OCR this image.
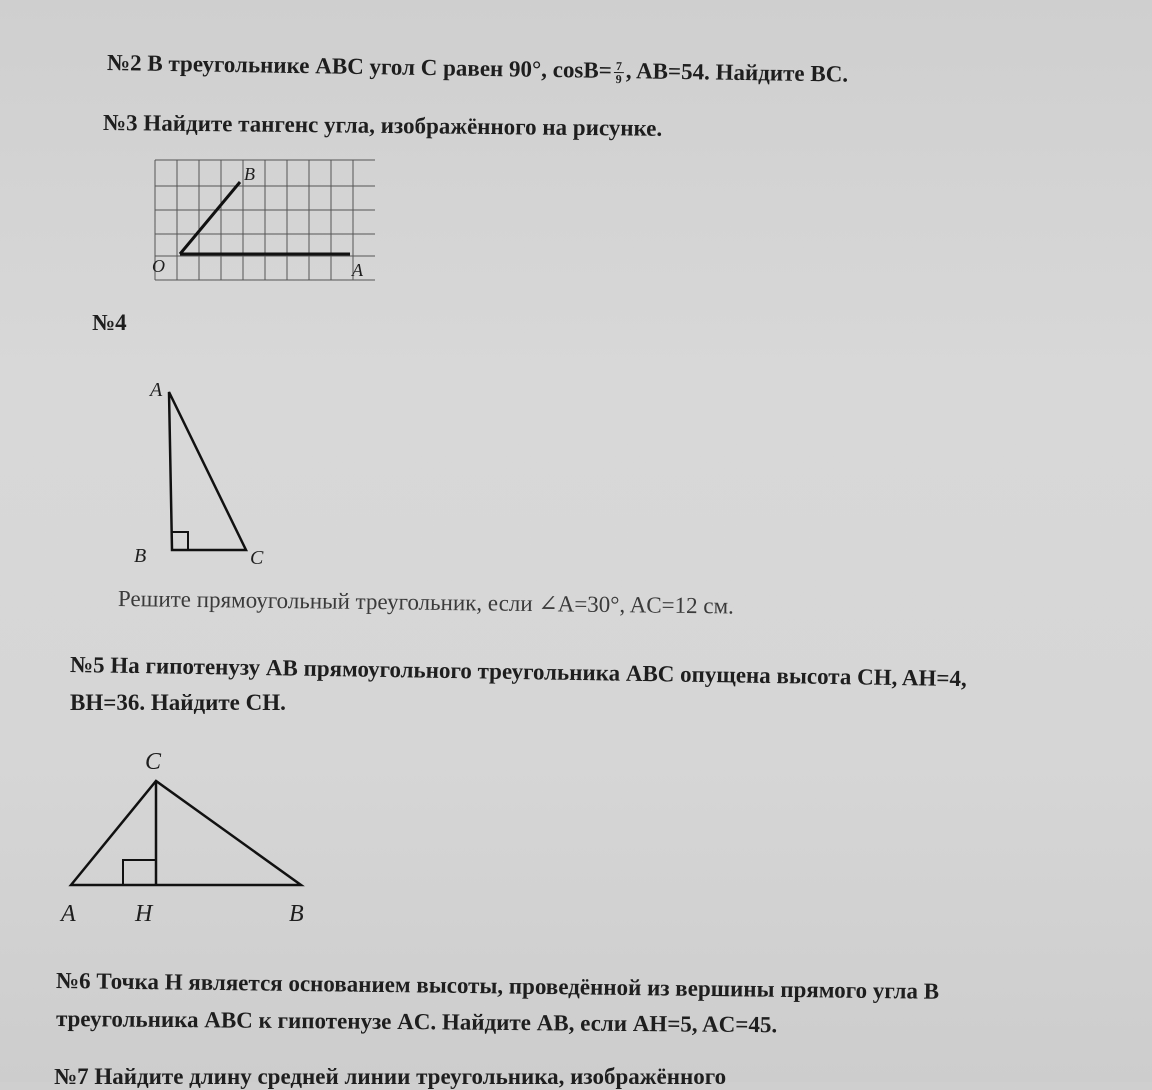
№2 В треугольнике ABC угол C равен 90°, $\cos B= \frac{7}{9}$ , AB=54. Найдите BC.
№3 Найдите тангенс угла, изображённого на рисунке.
B
O	A
№4
A
B	C
Решите прямоугольный треугольник, если ∠A=30°, AC=12 см.
№5 На гипотенузу AB прямоугольного треугольника ABC опущена высота CH, AH=4,
BH=36. Найдите CH.
C
A H	B
№6 Точка H является основанием высоты, проведённой из вершины прямого угла B
треугольника ABC к гипотенузе AC. Найдите AB, если AH=5, AC=45.
№7 Найдите длину средней линии треугольника, изображённого
